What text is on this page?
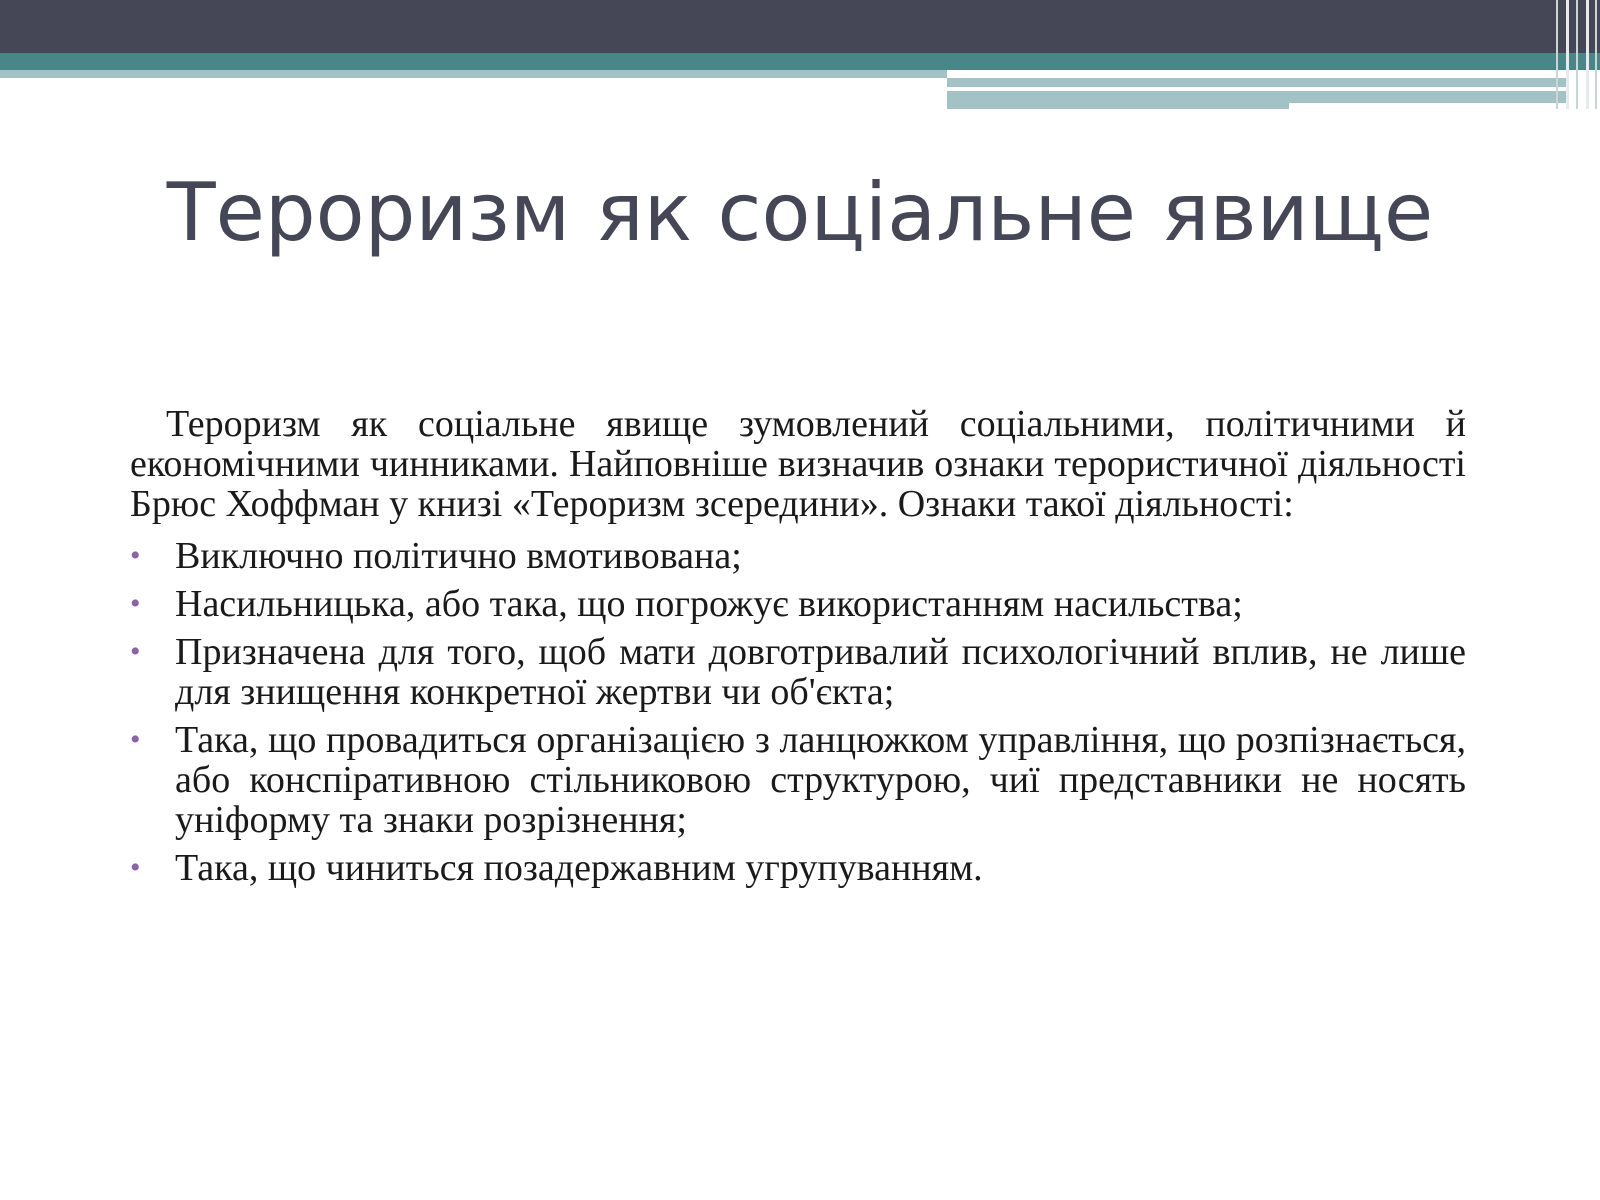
Тероризм як соціальне явище

Тероризм як соціальне явище зумовлений соціальними, політичними й економічними чинниками. Найповніше визначив ознаки терористичної діяльності Брюс Хоффман у книзі «Тероризм зсередини». Ознаки такої діяльності:

• Виключно політично вмотивована;
• Насильницька, або така, що погрожує використанням насильства;
• Призначена для того, щоб мати довготривалий психологічний вплив, не лише для знищення конкретної жертви чи об'єкта;
• Така, що провадиться організацією з ланцюжком управління, що розпізнається, або конспіративною стільниковою структурою, чиї представники не носять уніформу та знаки розрізнення;
• Така, що чиниться позадержавним угрупуванням.
